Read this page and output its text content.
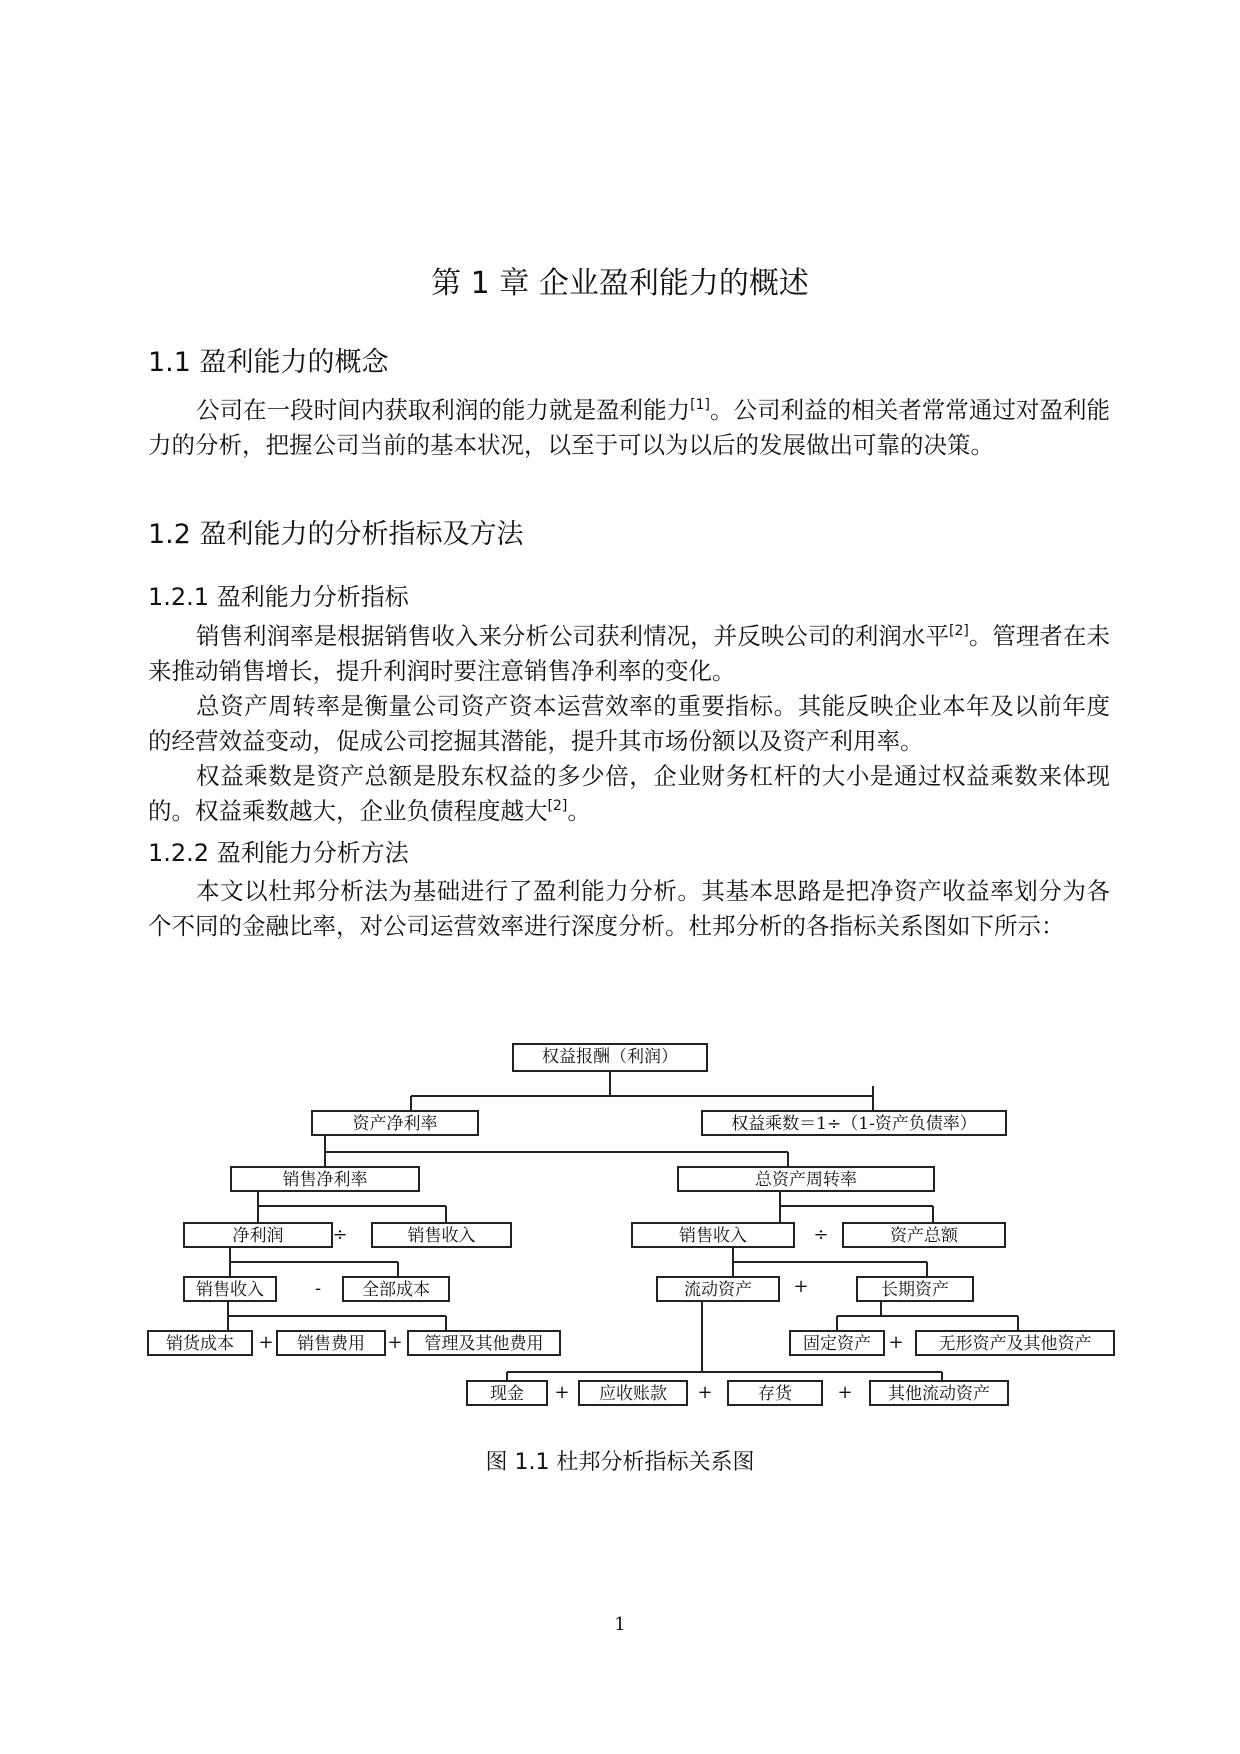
第 1 章 企业盈利能力的概述
1.1 盈利能力的概念

公司在一段时间内获取利润的能力就是盈利能力[1]。公司利益的相关者常常通过对盈利能力的分析，把握公司当前的基本状况，以至于可以为以后的发展做出可靠的决策。

1.2 盈利能力的分析指标及方法
1.2.1 盈利能力分析指标

销售利润率是根据销售收入来分析公司获利情况，并反映公司的利润水平[2]。管理者在未来推动销售增长，提升利润时要注意销售净利率的变化。

总资产周转率是衡量公司资产资本运营效率的重要指标。其能反映企业本年及以前年度的经营效益变动，促成公司挖掘其潜能，提升其市场份额以及资产利用率。

权益乘数是资产总额是股东权益的多少倍，企业财务杠杆的大小是通过权益乘数来体现的。权益乘数越大，企业负债程度越大[2]。

1.2.2 盈利能力分析方法

本文以杜邦分析法为基础进行了盈利能力分析。其基本思路是把净资产收益率划分为各个不同的金融比率，对公司运营效率进行深度分析。杜邦分析的各指标关系图如下所示：

权益报酬（利润）
资产净利率	权益乘数＝1÷（1-资产负债率）
销售净利率	总资产周转率
净利润	÷	销售收入	销售收入	÷	资产总额
销售收入	-	全部成本	流动资产	+	长期资产
销货成本	+	销售费用	+	管理及其他费用	固定资产 +	无形资产及其他资产
现金	+	应收账款	+	存货	+	其他流动资产
图 1.1 杜邦分析指标关系图
1
